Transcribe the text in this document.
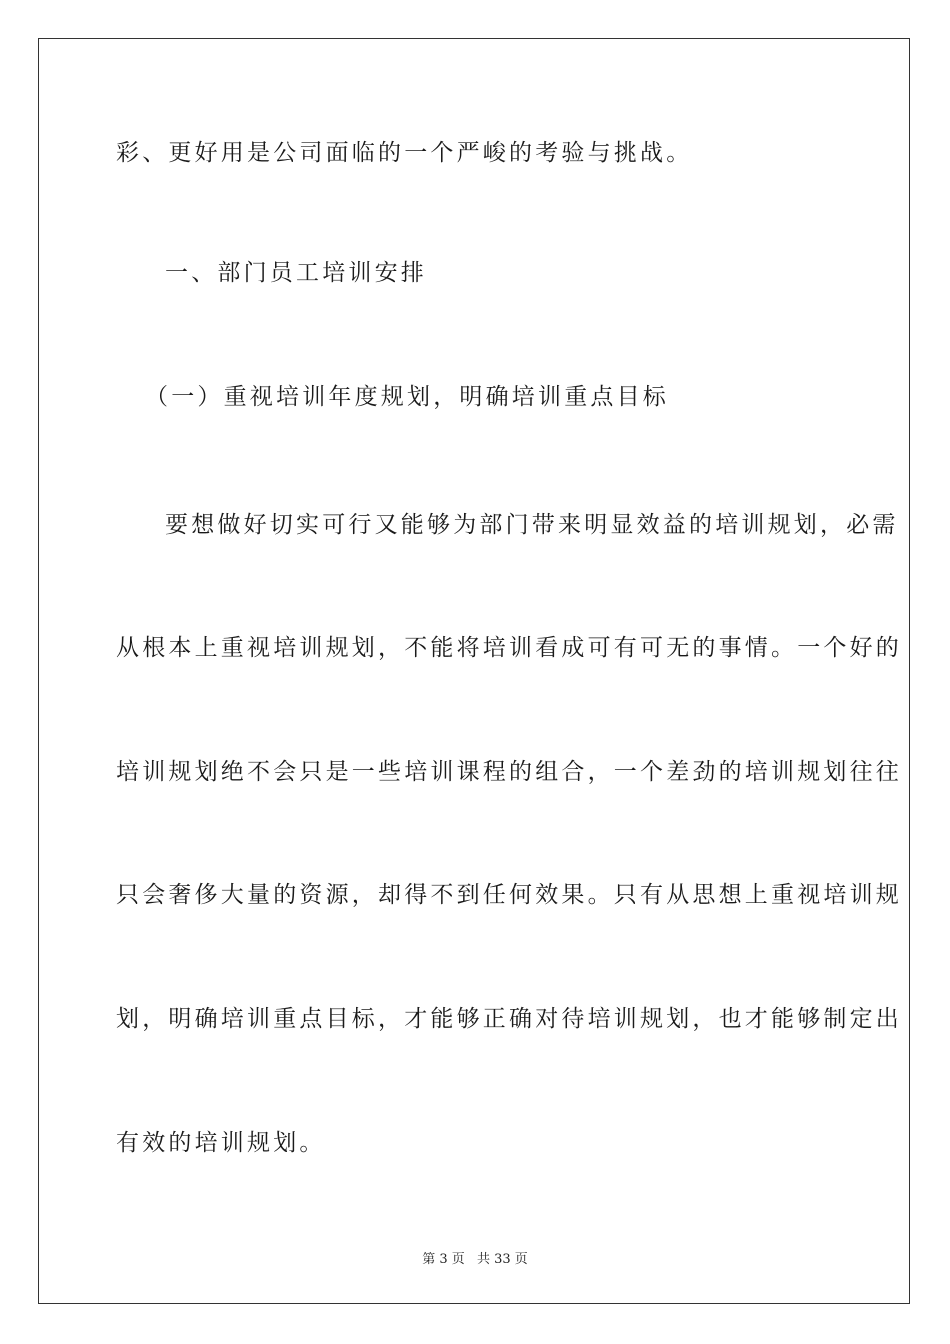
彩、更好用是公司面临的一个严峻的考验与挑战。
一、部门员工培训安排
（一）重视培训年度规划，明确培训重点目标
要想做好切实可行又能够为部门带来明显效益的培训规划，必需
从根本上重视培训规划，不能将培训看成可有可无的事情。一个好的
培训规划绝不会只是一些培训课程的组合，一个差劲的培训规划往往
只会奢侈大量的资源，却得不到任何效果。只有从思想上重视培训规
划，明确培训重点目标，才能够正确对待培训规划，也才能够制定出
有效的培训规划。
第 3 页 共 33 页
